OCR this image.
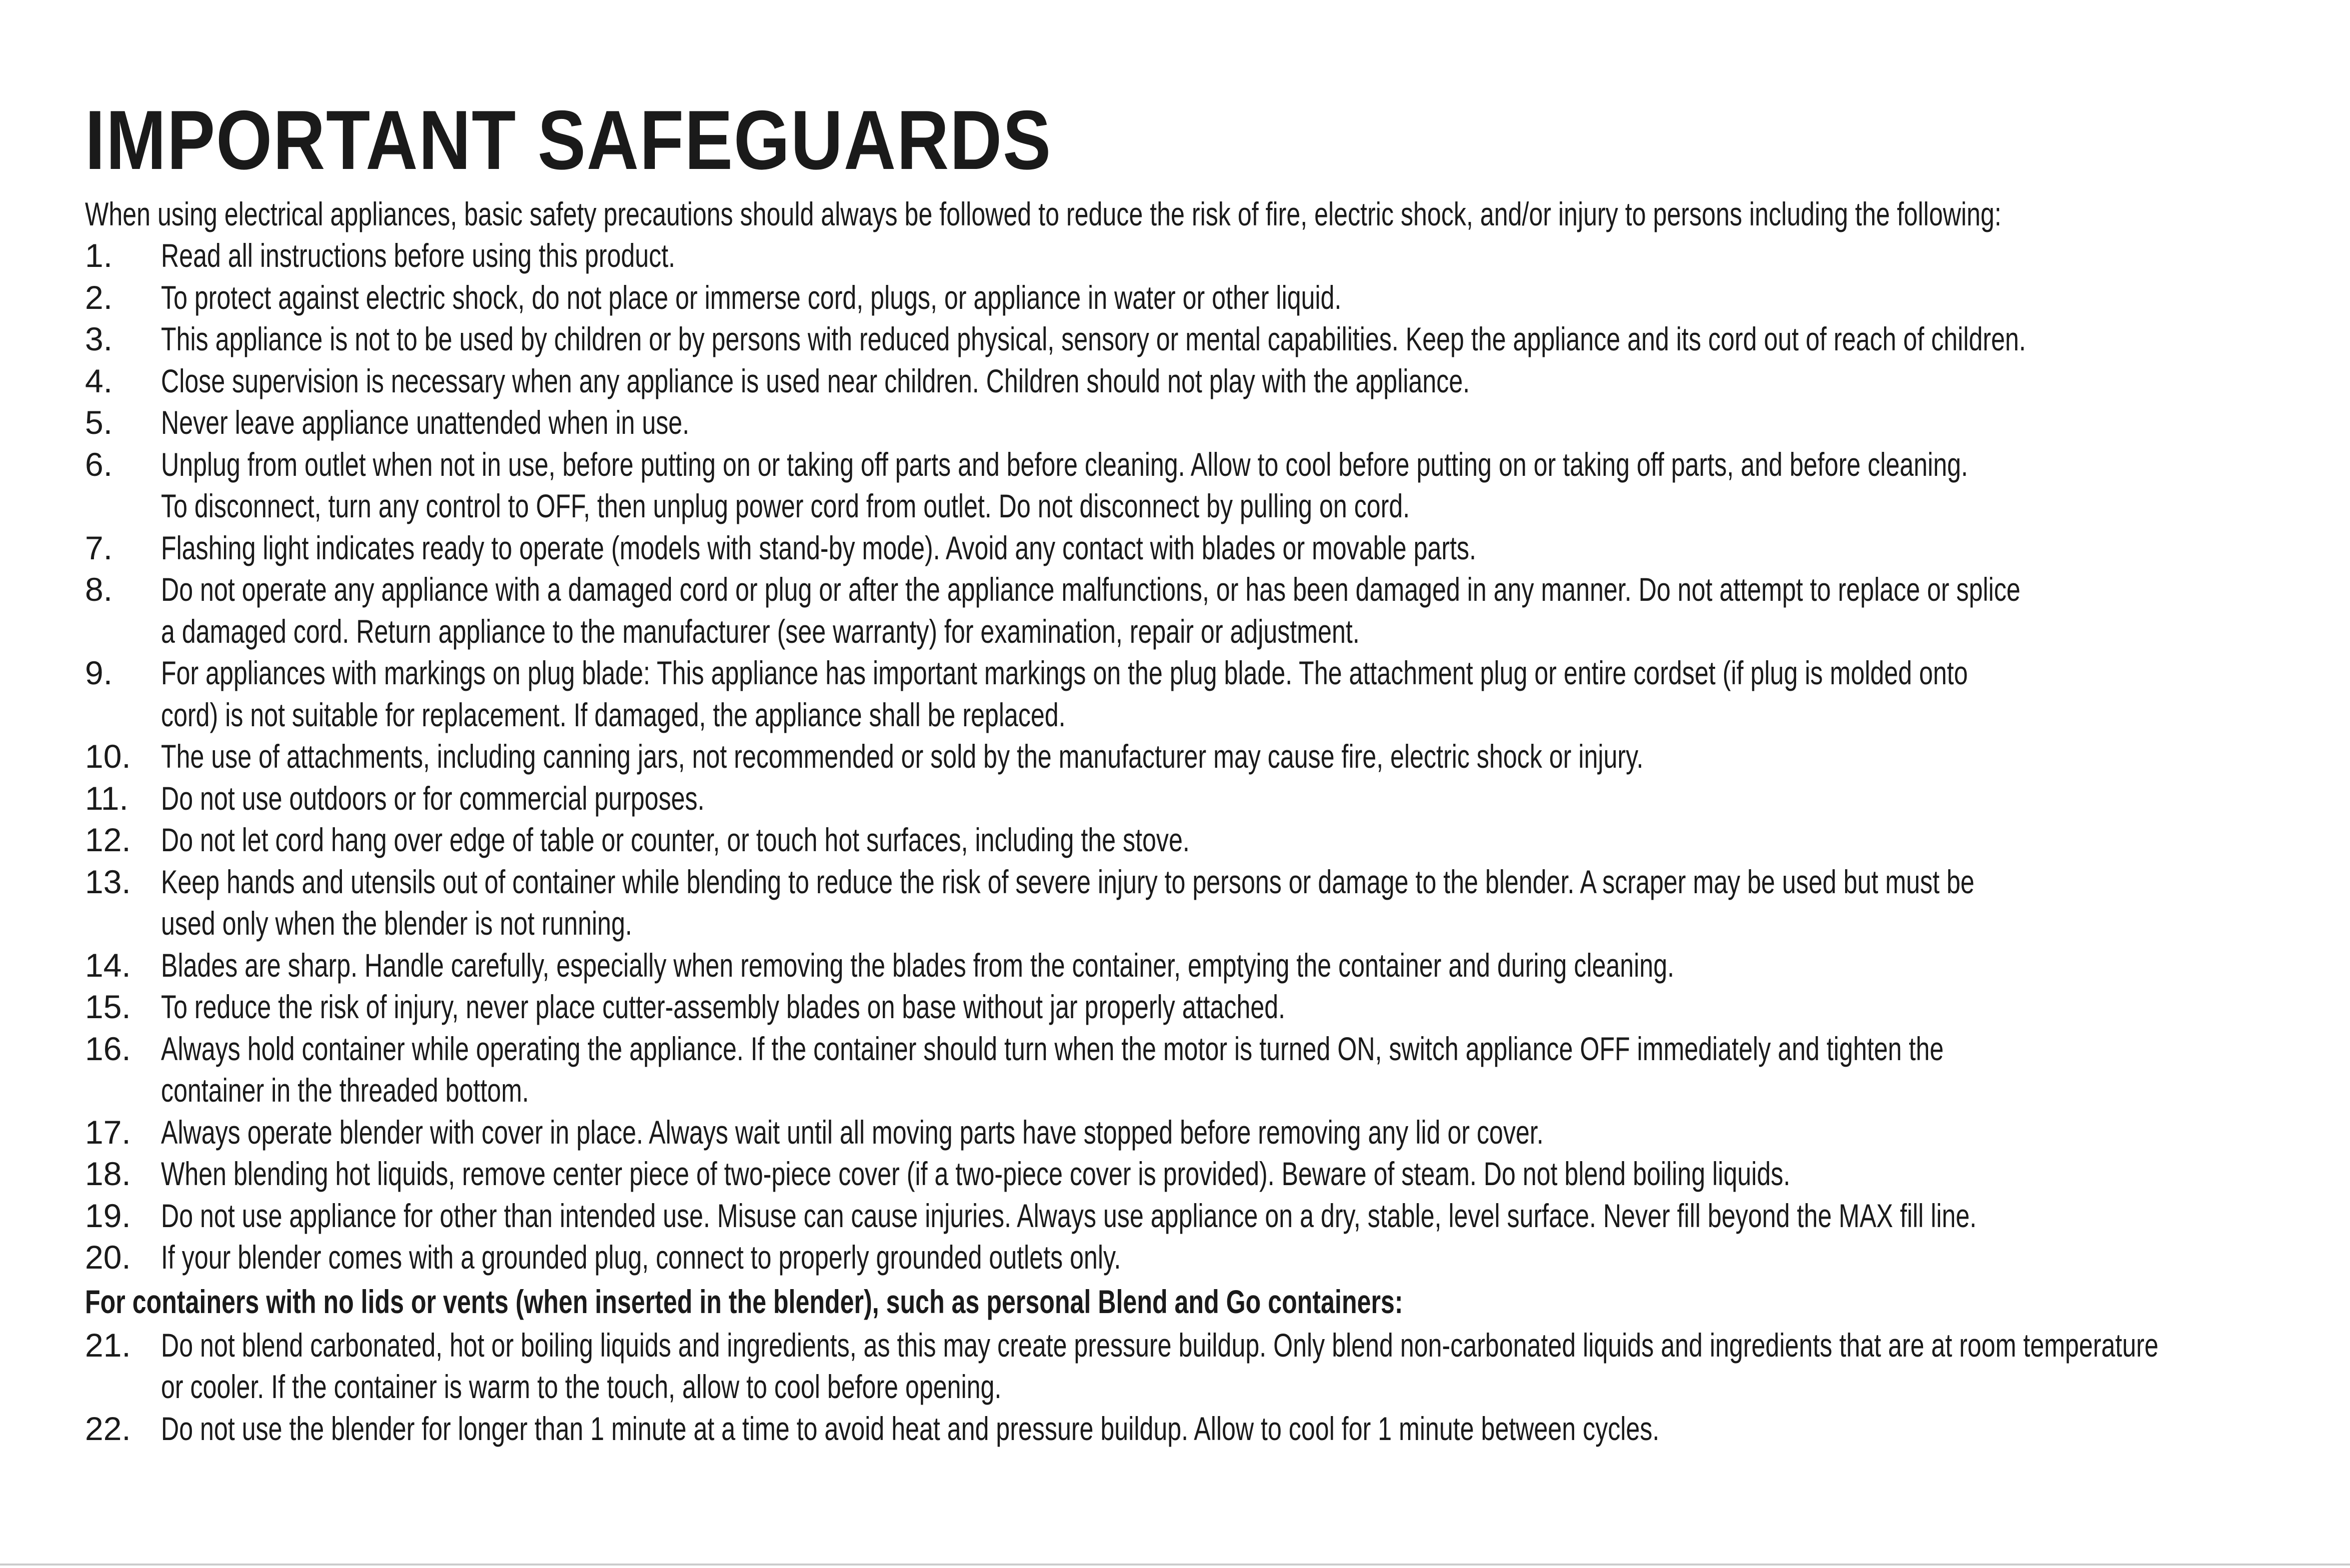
IMPORTANT SAFEGUARDS
When using electrical appliances, basic safety precautions should always be followed to reduce the risk of fire, electric shock, and/or injury to persons including the following:
1.	Read all instructions before using this product.
2.	To protect against electric shock, do not place or immerse cord, plugs, or appliance in water or other liquid.
3.	This appliance is not to be used by children or by persons with reduced physical, sensory or mental capabilities. Keep the appliance and its cord out of reach of children.
4.	Close supervision is necessary when any appliance is used near children. Children should not play with the appliance.
5.	Never leave appliance unattended when in use.
6.	Unplug from outlet when not in use, before putting on or taking off parts and before cleaning. Allow to cool before putting on or taking off parts, and before cleaning.
To disconnect, turn any control to OFF, then unplug power cord from outlet. Do not disconnect by pulling on cord.
7.	Flashing light indicates ready to operate (models with stand-by mode). Avoid any contact with blades or movable parts.
8.	Do not operate any appliance with a damaged cord or plug or after the appliance malfunctions, or has been damaged in any manner. Do not attempt to replace or splice
a damaged cord. Return appliance to the manufacturer (see warranty) for examination, repair or adjustment.
9.	For appliances with markings on plug blade: This appliance has important markings on the plug blade. The attachment plug or entire cordset (if plug is molded onto
cord) is not suitable for replacement. If damaged, the appliance shall be replaced.
10. The use of attachments, including canning jars, not recommended or sold by the manufacturer may cause fire, electric shock or injury.
11. Do not use outdoors or for commercial purposes.
12. Do not let cord hang over edge of table or counter, or touch hot surfaces, including the stove.
13. Keep hands and utensils out of container while blending to reduce the risk of severe injury to persons or damage to the blender. A scraper may be used but must be
used only when the blender is not running.
14. Blades are sharp. Handle carefully, especially when removing the blades from the container, emptying the container and during cleaning.
15. To reduce the risk of injury, never place cutter-assembly blades on base without jar properly attached.
16. Always hold container while operating the appliance. If the container should turn when the motor is turned ON, switch appliance OFF immediately and tighten the
container in the threaded bottom.
17. Always operate blender with cover in place. Always wait until all moving parts have stopped before removing any lid or cover.
18. When blending hot liquids, remove center piece of two-piece cover (if a two-piece cover is provided). Beware of steam. Do not blend boiling liquids.
19. Do not use appliance for other than intended use. Misuse can cause injuries. Always use appliance on a dry, stable, level surface. Never fill beyond the MAX fill line.
20. If your blender comes with a grounded plug, connect to properly grounded outlets only.
For containers with no lids or vents (when inserted in the blender), such as personal Blend and Go containers:
21. Do not blend carbonated, hot or boiling liquids and ingredients, as this may create pressure buildup. Only blend non-carbonated liquids and ingredients that are at room temperature
or cooler. If the container is warm to the touch, allow to cool before opening.
22. Do not use the blender for longer than 1 minute at a time to avoid heat and pressure buildup. Allow to cool for 1 minute between cycles.
